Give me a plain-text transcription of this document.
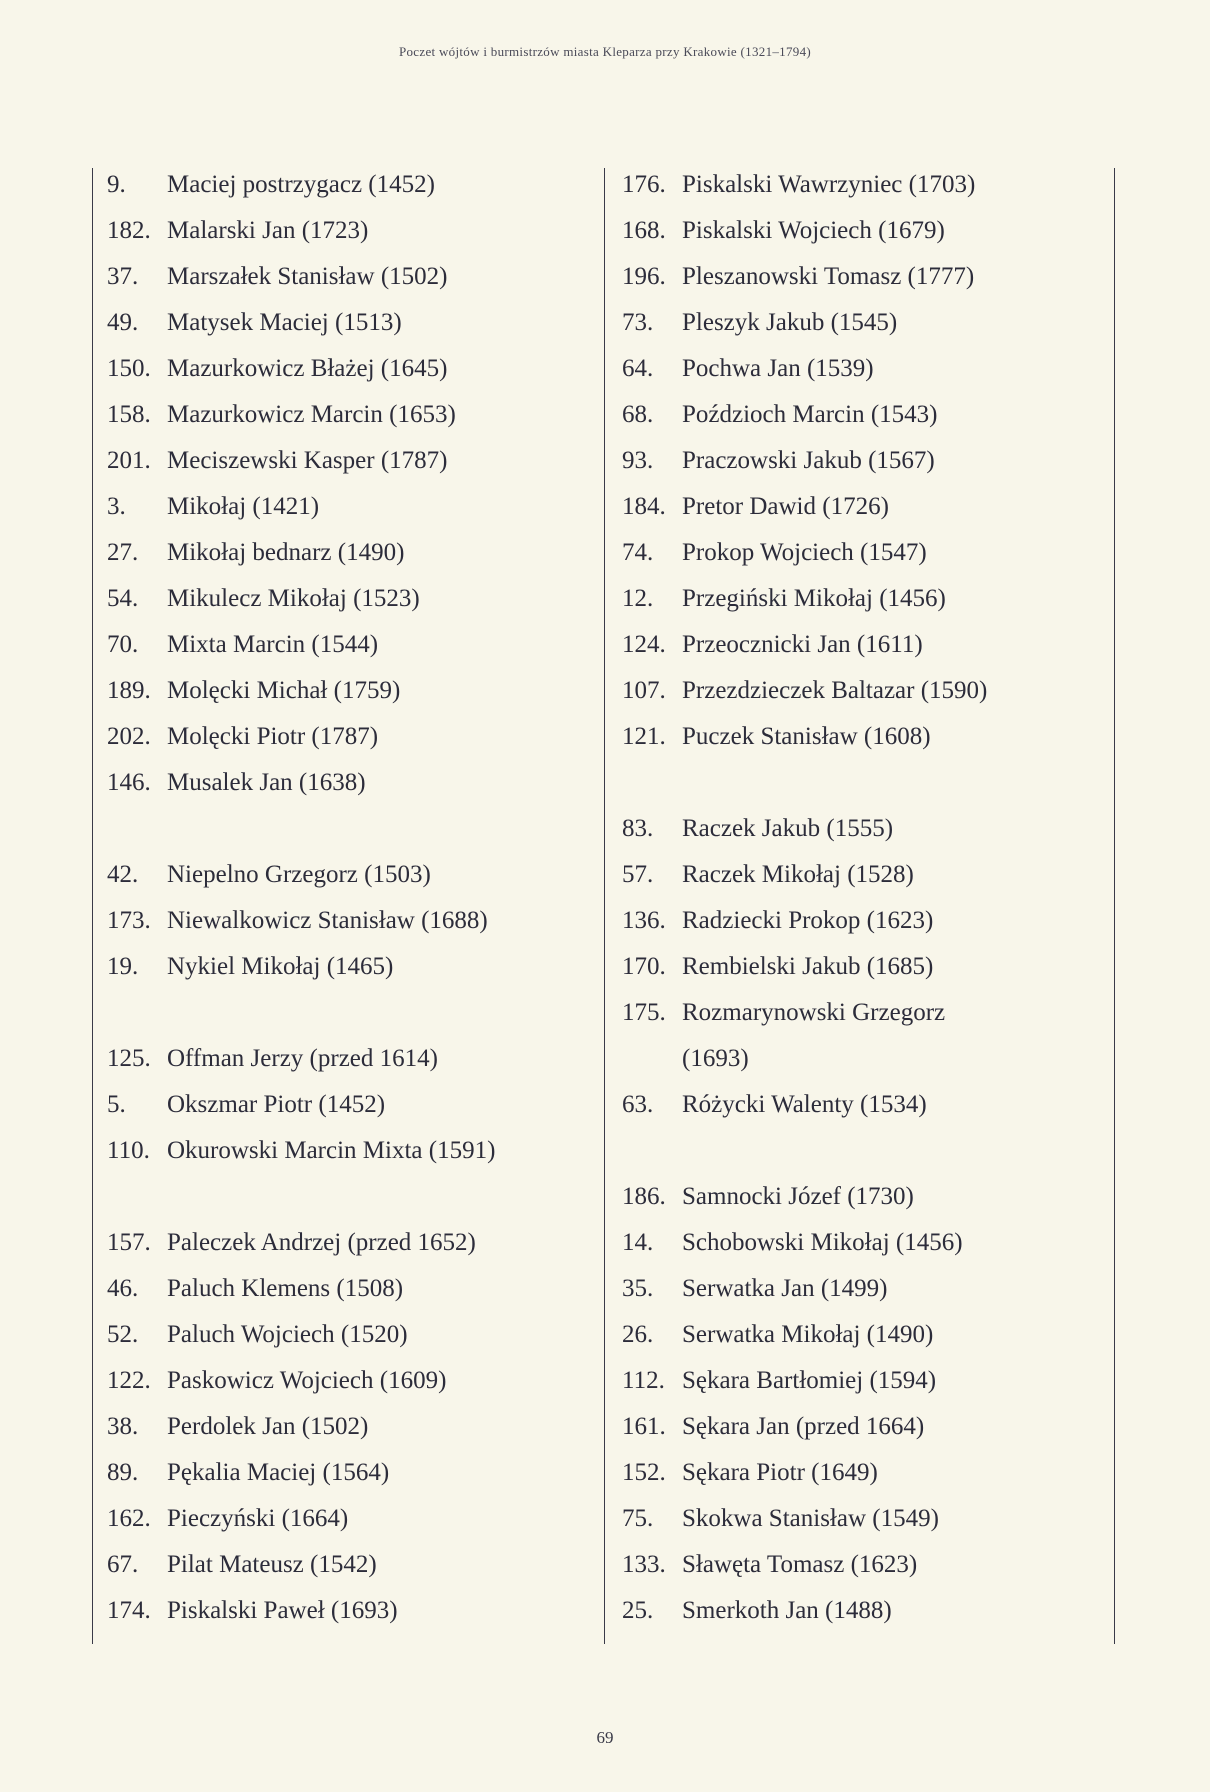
Poczet wójtów i burmistrzów miasta Kleparza przy Krakowie (1321–1794)
9. Maciej postrzygacz (1452)
182. Malarski Jan (1723)
37. Marszałek Stanisław (1502)
49. Matysek Maciej (1513)
150. Mazurkowicz Błażej (1645)
158. Mazurkowicz Marcin (1653)
201. Meciszewski Kasper (1787)
3. Mikołaj (1421)
27. Mikołaj bednarz (1490)
54. Mikulecz Mikołaj (1523)
70. Mixta Marcin (1544)
189. Molęcki Michał (1759)
202. Molęcki Piotr (1787)
146. Musalek Jan (1638)
42. Niepelno Grzegorz (1503)
173. Niewalkowicz Stanisław (1688)
19. Nykiel Mikołaj (1465)
125. Offman Jerzy (przed 1614)
5. Okszmar Piotr (1452)
110. Okurowski Marcin Mixta (1591)
157. Paleczek Andrzej (przed 1652)
46. Paluch Klemens (1508)
52. Paluch Wojciech (1520)
122. Paskowicz Wojciech (1609)
38. Perdolek Jan (1502)
89. Pękalia Maciej (1564)
162. Pieczyński (1664)
67. Pilat Mateusz (1542)
174. Piskalski Paweł (1693)
176. Piskalski Wawrzyniec (1703)
168. Piskalski Wojciech (1679)
196. Pleszanowski Tomasz (1777)
73. Pleszyk Jakub (1545)
64. Pochwa Jan (1539)
68. Poździoch Marcin (1543)
93. Praczowski Jakub (1567)
184. Pretor Dawid (1726)
74. Prokop Wojciech (1547)
12. Przegiński Mikołaj (1456)
124. Przeocznicki Jan (1611)
107. Przezdzieczek Baltazar (1590)
121. Puczek Stanisław (1608)
83. Raczek Jakub (1555)
57. Raczek Mikołaj (1528)
136. Radziecki Prokop (1623)
170. Rembielski Jakub (1685)
175. Rozmarynowski Grzegorz
(1693)
63. Różycki Walenty (1534)
186. Samnocki Józef (1730)
14. Schobowski Mikołaj (1456)
35. Serwatka Jan (1499)
26. Serwatka Mikołaj (1490)
112. Sękara Bartłomiej (1594)
161. Sękara Jan (przed 1664)
152. Sękara Piotr (1649)
75. Skokwa Stanisław (1549)
133. Sławęta Tomasz (1623)
25. Smerkoth Jan (1488)
69
